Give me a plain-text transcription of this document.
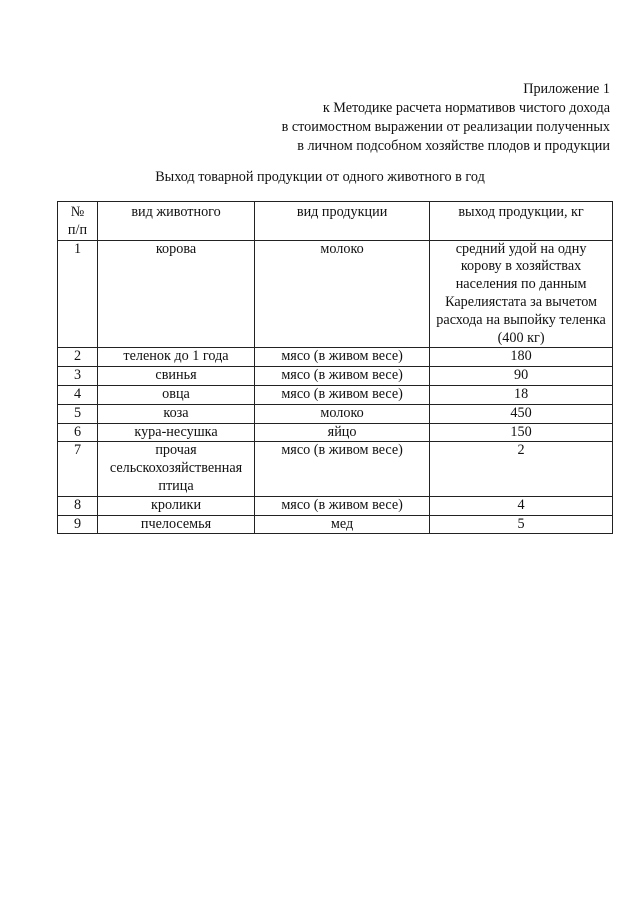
Приложение 1
к Методике расчета нормативов чистого дохода
в стоимостном выражении от реализации полученных
в личном подсобном хозяйстве плодов и продукции
Выход товарной продукции от одного животного в год
№
п/п	вид животного	вид продукции	выход продукции, кг
1	корова	молоко	средний удой на одну корову в хозяйствах населения по данным Карелиястата за вычетом расхода на выпойку теленка (400 кг)
2	теленок до 1 года	мясо (в живом весе)	180
3	свинья	мясо (в живом весе)	90
4	овца	мясо (в живом весе)	18
5	коза	молоко	450
6	кура-несушка	яйцо	150
7	прочая сельскохозяйственная птица	мясо (в живом весе)	2
8	кролики	мясо (в живом весе)	4
9	пчелосемья	мед	5
